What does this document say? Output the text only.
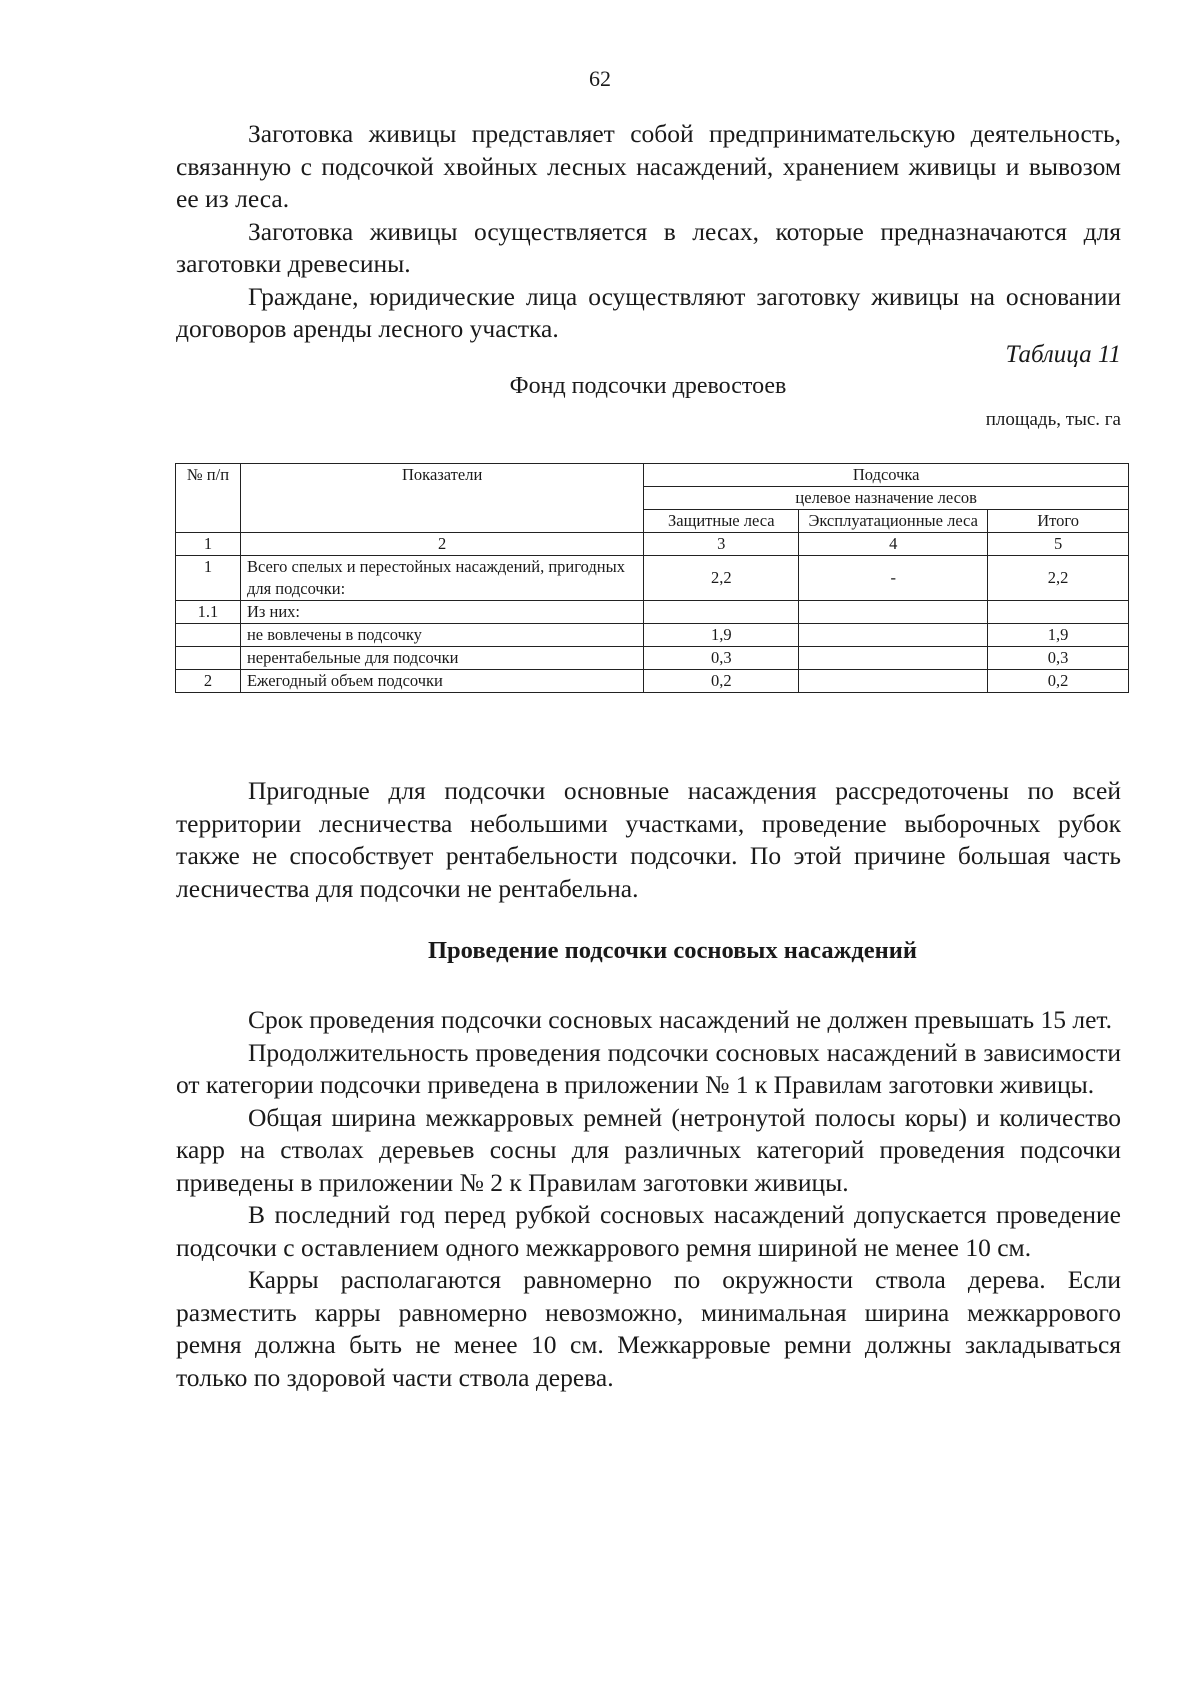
62

Заготовка живицы представляет собой предпринимательскую деятельность, связанную с подсочкой хвойных лесных насаждений, хранением живицы и вывозом ее из леса.

Заготовка живицы осуществляется в лесах, которые предназначаются для заготовки древесины.

Граждане, юридические лица осуществляют заготовку живицы на основании договоров аренды лесного участка.

Таблица 11
Фонд подсочки древостоев
площадь, тыс. га
№ п/п	Показатели	Подсочка		
		целевое назначение лесов		
		Защитные леса	Эксплуатационные леса	Итого
1	2	3	4	5
1	Всего спелых и перестойных насаждений, пригодных для подсочки:	2,2	-	2,2
1.1	Из них:			
	не вовлечены в подсочку	1,9		1,9
	нерентабельные для подсочки	0,3		0,3
2	Ежегодный объем подсочки	0,2		0,2

Пригодные для подсочки основные насаждения рассредоточены по всей территории лесничества небольшими участками, проведение выборочных рубок также не способствует рентабельности подсочки. По этой причине большая часть лесничества для подсочки не рентабельна.

Проведение подсочки сосновых насаждений

Срок проведения подсочки сосновых насаждений не должен превышать 15 лет.

Продолжительность проведения подсочки сосновых насаждений в зависимости от категории подсочки приведена в приложении № 1 к Правилам заготовки живицы.

Общая ширина межкарровых ремней (нетронутой полосы коры) и количество карр на стволах деревьев сосны для различных категорий проведения подсочки приведены в приложении № 2 к Правилам заготовки живицы.

В последний год перед рубкой сосновых насаждений допускается проведение подсочки с оставлением одного межкаррового ремня шириной не менее 10 см.

Карры располагаются равномерно по окружности ствола дерева. Если разместить карры равномерно невозможно, минимальная ширина межкаррового ремня должна быть не менее 10 см. Межкарровые ремни должны закладываться только по здоровой части ствола дерева.
